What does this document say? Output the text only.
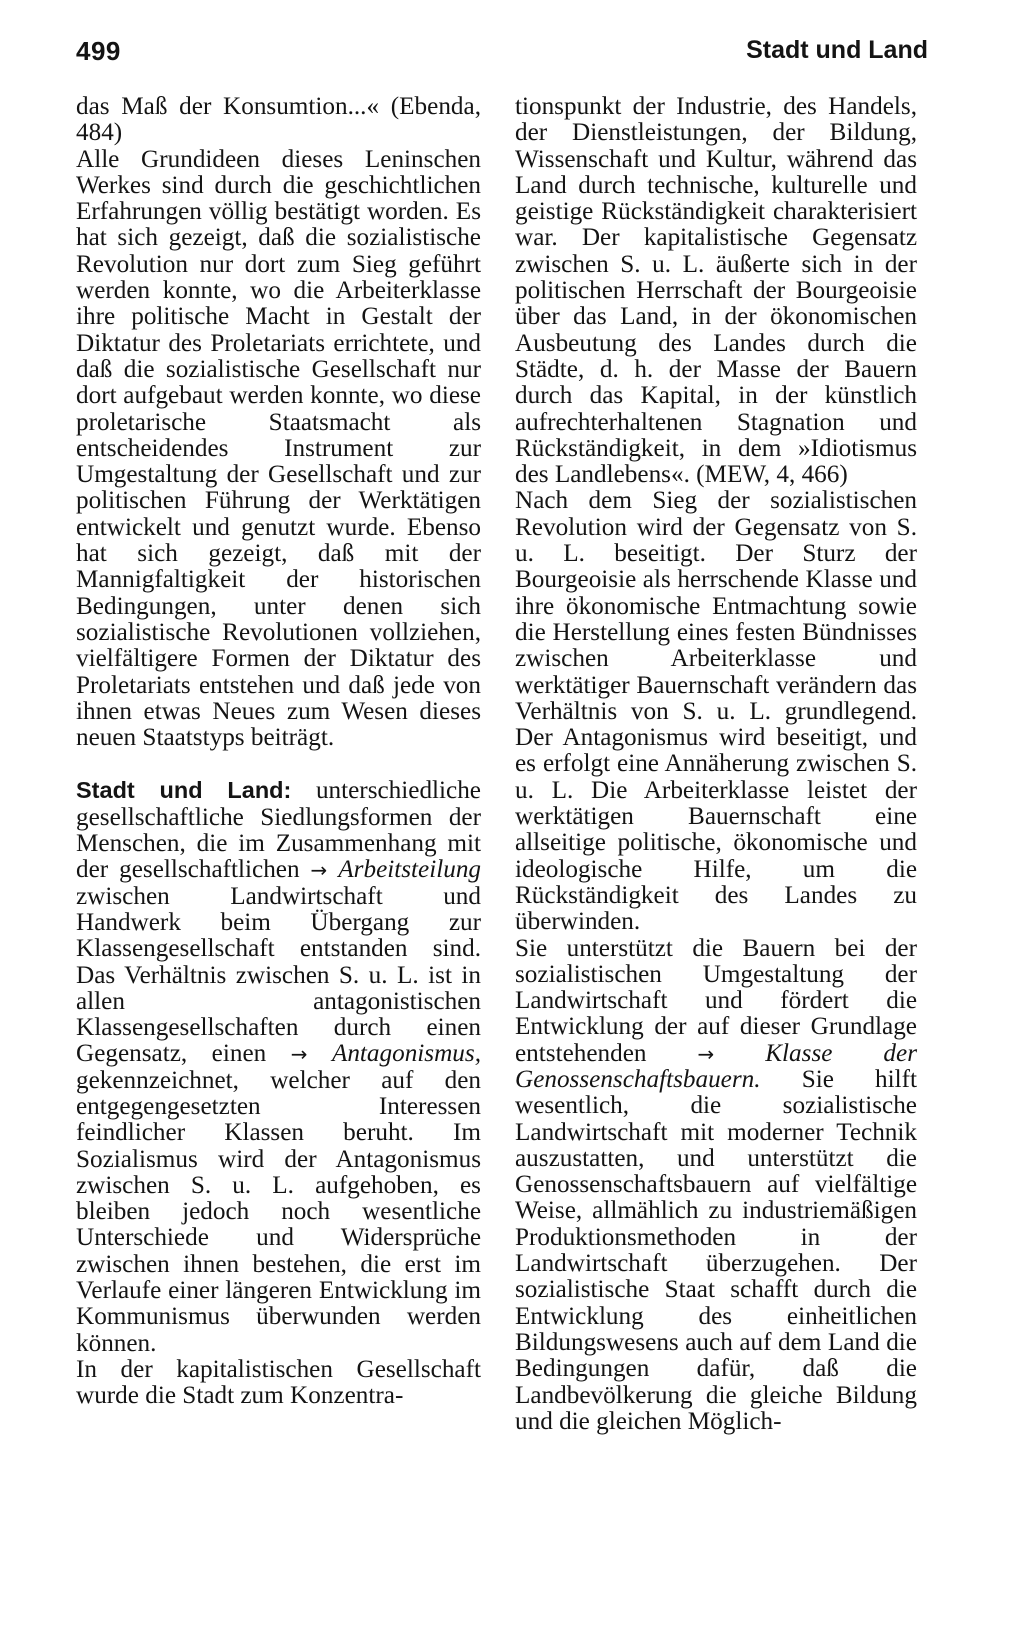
499	Stadt und Land

das Maß der Konsumtion...« (Ebenda, 484)

Alle Grundideen dieses Leninschen Werkes sind durch die geschichtlichen Erfahrungen völlig bestätigt worden. Es hat sich gezeigt, daß die sozialistische Revolution nur dort zum Sieg geführt werden konnte, wo die Arbeiterklasse ihre politische Macht in Gestalt der Diktatur des Proletariats errichtete, und daß die sozialistische Gesellschaft nur dort aufgebaut werden konnte, wo diese proletarische Staatsmacht als entscheidendes Instrument zur Umgestaltung der Gesellschaft und zur politischen Führung der Werktätigen entwickelt und genutzt wurde. Ebenso hat sich gezeigt, daß mit der Mannigfaltigkeit der historischen Bedingungen, unter denen sich sozialistische Revolutionen vollziehen, vielfältigere Formen der Diktatur des Proletariats entstehen und daß jede von ihnen etwas Neues zum Wesen dieses neuen Staatstyps beiträgt.

Stadt und Land: unterschiedliche gesellschaftliche Siedlungsformen der Menschen, die im Zusammenhang mit der gesellschaftlichen → Arbeitsteilung zwischen Landwirtschaft und Handwerk beim Übergang zur Klassengesellschaft entstanden sind. Das Verhältnis zwischen S. u. L. ist in allen antagonistischen Klassengesellschaften durch einen Gegensatz, einen → Antagonismus, gekennzeichnet, welcher auf den entgegengesetzten Interessen feindlicher Klassen beruht. Im Sozialismus wird der Antagonismus zwischen S. u. L. aufgehoben, es bleiben jedoch noch wesentliche Unterschiede und Widersprüche zwischen ihnen bestehen, die erst im Verlaufe einer längeren Entwicklung im Kommunismus überwunden werden können.

In der kapitalistischen Gesellschaft wurde die Stadt zum Konzentra-

tionspunkt der Industrie, des Handels, der Dienstleistungen, der Bildung, Wissenschaft und Kultur, während das Land durch technische, kulturelle und geistige Rückständigkeit charakterisiert war. Der kapitalistische Gegensatz zwischen S. u. L. äußerte sich in der politischen Herrschaft der Bourgeoisie über das Land, in der ökonomischen Ausbeutung des Landes durch die Städte, d. h. der Masse der Bauern durch das Kapital, in der künstlich aufrechterhaltenen Stagnation und Rückständigkeit, in dem »Idiotismus des Landlebens«. (MEW, 4, 466)

Nach dem Sieg der sozialistischen Revolution wird der Gegensatz von S. u. L. beseitigt. Der Sturz der Bourgeoisie als herrschende Klasse und ihre ökonomische Entmachtung sowie die Herstellung eines festen Bündnisses zwischen Arbeiterklasse und werktätiger Bauernschaft verändern das Verhältnis von S. u. L. grundlegend. Der Antagonismus wird beseitigt, und es erfolgt eine Annäherung zwischen S. u. L. Die Arbeiterklasse leistet der werktätigen Bauernschaft eine allseitige politische, ökonomische und ideologische Hilfe, um die Rückständigkeit des Landes zu überwinden.

Sie unterstützt die Bauern bei der sozialistischen Umgestaltung der Landwirtschaft und fördert die Entwicklung der auf dieser Grundlage entstehenden → Klasse der Genossenschaftsbauern. Sie hilft wesentlich, die sozialistische Landwirtschaft mit moderner Technik auszustatten, und unterstützt die Genossenschaftsbauern auf vielfältige Weise, allmählich zu industriemäßigen Produktionsmethoden in der Landwirtschaft überzugehen. Der sozialistische Staat schafft durch die Entwicklung des einheitlichen Bildungswesens auch auf dem Land die Bedingungen dafür, daß die Landbevölkerung die gleiche Bildung und die gleichen Möglich-
